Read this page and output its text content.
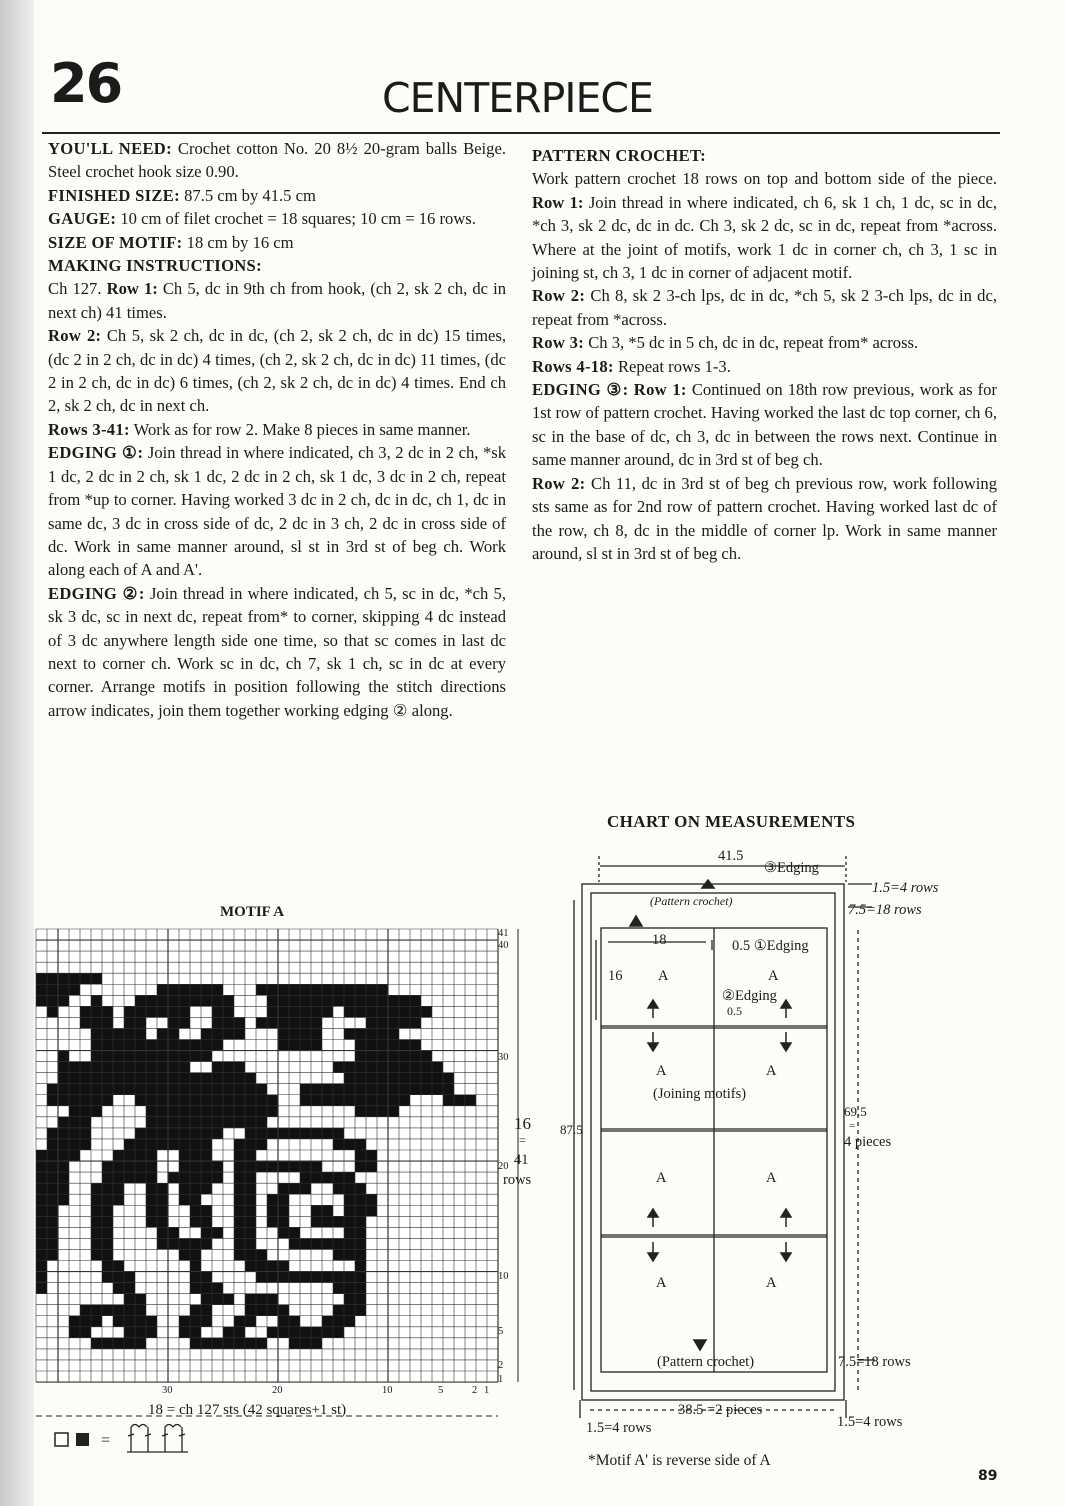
26	CENTERPIECE

YOU'LL NEED: Crochet cotton No. 20 8½ 20-gram balls Beige. Steel crochet hook size 0.90.

FINISHED SIZE: 87.5 cm by 41.5 cm

GAUGE: 10 cm of filet crochet = 18 squares; 10 cm = 16 rows.

SIZE OF MOTIF: 18 cm by 16 cm

MAKING INSTRUCTIONS:

Ch 127. Row 1: Ch 5, dc in 9th ch from hook, (ch 2, sk 2 ch, dc in next ch) 41 times.

Row 2: Ch 5, sk 2 ch, dc in dc, (ch 2, sk 2 ch, dc in dc) 15 times, (dc 2 in 2 ch, dc in dc) 4 times, (ch 2, sk 2 ch, dc in dc) 11 times, (dc 2 in 2 ch, dc in dc) 6 times, (ch 2, sk 2 ch, dc in dc) 4 times. End ch 2, sk 2 ch, dc in next ch.

Rows 3-41: Work as for row 2. Make 8 pieces in same manner.

EDGING ①: Join thread in where indicated, ch 3, 2 dc in 2 ch, *sk 1 dc, 2 dc in 2 ch, sk 1 dc, 2 dc in 2 ch, sk 1 dc, 3 dc in 2 ch, repeat from *up to corner. Having worked 3 dc in 2 ch, dc in dc, ch 1, dc in same dc, 3 dc in cross side of dc, 2 dc in 3 ch, 2 dc in cross side of dc. Work in same manner around, sl st in 3rd st of beg ch. Work along each of A and A'.

EDGING ②: Join thread in where indicated, ch 5, sc in dc, *ch 5, sk 3 dc, sc in next dc, repeat from* to corner, skipping 4 dc instead of 3 dc anywhere length side one time, so that sc comes in last dc next to corner ch. Work sc in dc, ch 7, sk 1 ch, sc in dc at every corner. Arrange motifs in position following the stitch directions arrow indicates, join them together working edging ② along.

PATTERN CROCHET:

Work pattern crochet 18 rows on top and bottom side of the piece. Row 1: Join thread in where indicated, ch 6, sk 1 ch, 1 dc, sc in dc, *ch 3, sk 2 dc, dc in dc. Ch 3, sk 2 dc, sc in dc, repeat from *across. Where at the joint of motifs, work 1 dc in corner ch, ch 3, 1 sc in joining st, ch 3, 1 dc in corner of adjacent motif.

Row 2: Ch 8, sk 2 3-ch lps, dc in dc, *ch 5, sk 2 3-ch lps, dc in dc, repeat from *across.

Row 3: Ch 3, *5 dc in 5 ch, dc in dc, repeat from* across.

Rows 4-18: Repeat rows 1-3.

EDGING ③: Row 1: Continued on 18th row previous, work as for 1st row of pattern crochet. Having worked the last dc top corner, ch 6, sc in the base of dc, ch 3, dc in between the rows next. Continue in same manner around, dc in 3rd st of beg ch.

Row 2: Ch 11, dc in 3rd st of beg ch previous row, work following sts same as for 2nd row of pattern crochet. Having worked last dc of the row, ch 8, dc in the middle of corner lp. Work in same manner around, sl st in 3rd st of beg ch.

MOTIF A
41
40
30
20
10
5
2
1
30	20	10	5	2 1
16
=
41
rows
18 = ch 127 sts (42 squares+1 st)
=
CHART ON MEASUREMENTS
41.5
③Edging
(Pattern crochet)
1.5=4 rows
7.5=18 rows
18
16
0.5 ①Edging
②Edging
0.5
(Joining motifs)
87.5
69.5
=
4 pieces
A	A
A	A
A	A
A	A
(Pattern crochet)	7.5=18 rows
38.5 =2 pieces
1.5=4 rows	1.5=4 rows
*Motif A' is reverse side of A
89
